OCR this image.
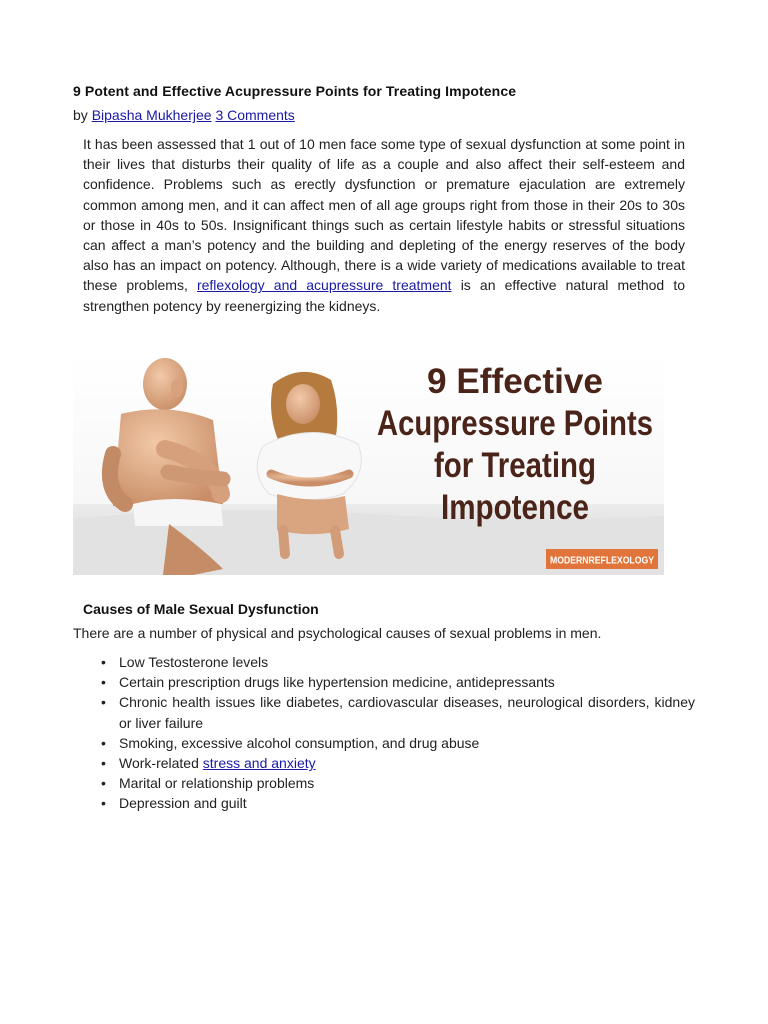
9 Potent and Effective Acupressure Points for Treating Impotence
by Bipasha Mukherjee 3 Comments

It has been assessed that 1 out of 10 men face some type of sexual dysfunction at some point in their lives that disturbs their quality of life as a couple and also affect their self-esteem and confidence. Problems such as erectly dysfunction or premature ejaculation are extremely common among men, and it can affect men of all age groups right from those in their 20s to 30s or those in 40s to 50s. Insignificant things such as certain lifestyle habits or stressful situations can affect a man’s potency and the building and depleting of the energy reserves of the body also has an impact on potency. Although, there is a wide variety of medications available to treat these problems, reflexology and acupressure treatment is an effective natural method to strengthen potency by reenergizing the kidneys.

9 Effective
Acupressure Points
for Treating
Impotence
MODERNREFLEXOLOGY
Causes of Male Sexual Dysfunction

There are a number of physical and psychological causes of sexual problems in men.

• Low Testosterone levels
• Certain prescription drugs like hypertension medicine, antidepressants
• Chronic health issues like diabetes, cardiovascular diseases, neurological disorders, kidney or liver failure
• Smoking, excessive alcohol consumption, and drug abuse
• Work-related stress and anxiety
• Marital or relationship problems
• Depression and guilt
